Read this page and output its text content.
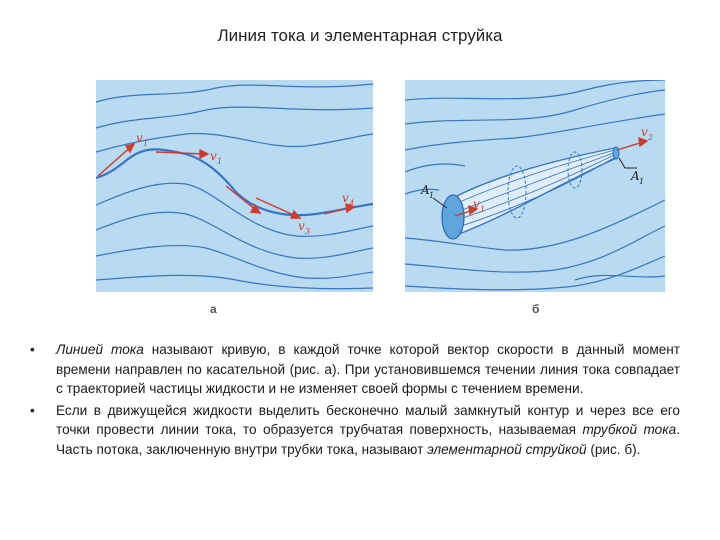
Линия тока и элементарная струйка
v 1
v 1
v 3
v 4
а
A 1
A 1
v 1
v 2
б
• Линией тока называют кривую, в каждой точке которой вектор скорости в данный момент времени направлен по касательной (рис. а). При установившемся течении линия тока совпадает с траекторией частицы жидкости и не изменяет своей формы с течением времени.
• Если в движущейся жидкости выделить бесконечно малый замкнутый контур и через все его точки провести линии тока, то образуется трубчатая поверхность, называемая трубкой тока. Часть потока, заключенную внутри трубки тока, называют элементарной струйкой (рис. б).
